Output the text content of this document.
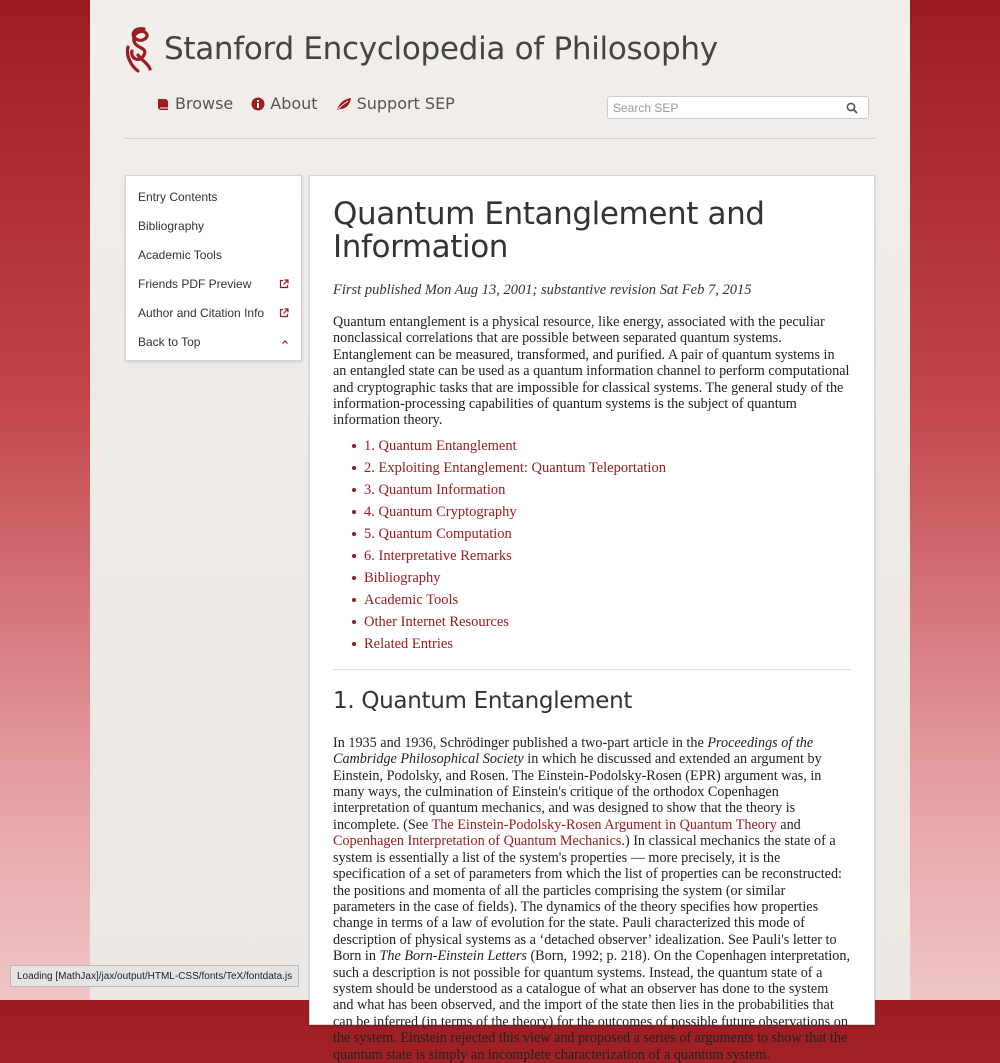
Stanford Encyclopedia of Philosophy
Browse About Support SEP
Search SEP
Entry Contents
Bibliography
Academic Tools
Friends PDF Preview
Author and Citation Info
Back to Top
Quantum Entanglement and Information

First published Mon Aug 13, 2001; substantive revision Sat Feb 7, 2015

Quantum entanglement is a physical resource, like energy, associated with the peculiar nonclassical correlations that are possible between separated quantum systems. Entanglement can be measured, transformed, and purified. A pair of quantum systems in an entangled state can be used as a quantum information channel to perform computational and cryptographic tasks that are impossible for classical systems. The general study of the information-processing capabilities of quantum systems is the subject of quantum information theory.

1. Quantum Entanglement
2. Exploiting Entanglement: Quantum Teleportation
3. Quantum Information
4. Quantum Cryptography
5. Quantum Computation
6. Interpretative Remarks
Bibliography
Academic Tools
Other Internet Resources
Related Entries
1. Quantum Entanglement

In 1935 and 1936, Schrödinger published a two-part article in the Proceedings of the Cambridge Philosophical Society in which he discussed and extended an argument by Einstein, Podolsky, and Rosen. The Einstein-Podolsky-Rosen (EPR) argument was, in many ways, the culmination of Einstein's critique of the orthodox Copenhagen interpretation of quantum mechanics, and was designed to show that the theory is incomplete. (See The Einstein-Podolsky-Rosen Argument in Quantum Theory and Copenhagen Interpretation of Quantum Mechanics.) In classical mechanics the state of a system is essentially a list of the system's properties — more precisely, it is the specification of a set of parameters from which the list of properties can be reconstructed: the positions and momenta of all the particles comprising the system (or similar parameters in the case of fields). The dynamics of the theory specifies how properties change in terms of a law of evolution for the state. Pauli characterized this mode of description of physical systems as a ‘detached observer’ idealization. See Pauli's letter to Born in The Born-Einstein Letters (Born, 1992; p. 218). On the Copenhagen interpretation, such a description is not possible for quantum systems. Instead, the quantum state of a system should be understood as a catalogue of what an observer has done to the system and what has been observed, and the import of the state then lies in the probabilities that can be inferred (in terms of the theory) for the outcomes of possible future observations on the system. Einstein rejected this view and proposed a series of arguments to show that the quantum state is simply an incomplete characterization of a quantum system.

Loading [MathJax]/jax/output/HTML-CSS/fonts/TeX/fontdata.js
